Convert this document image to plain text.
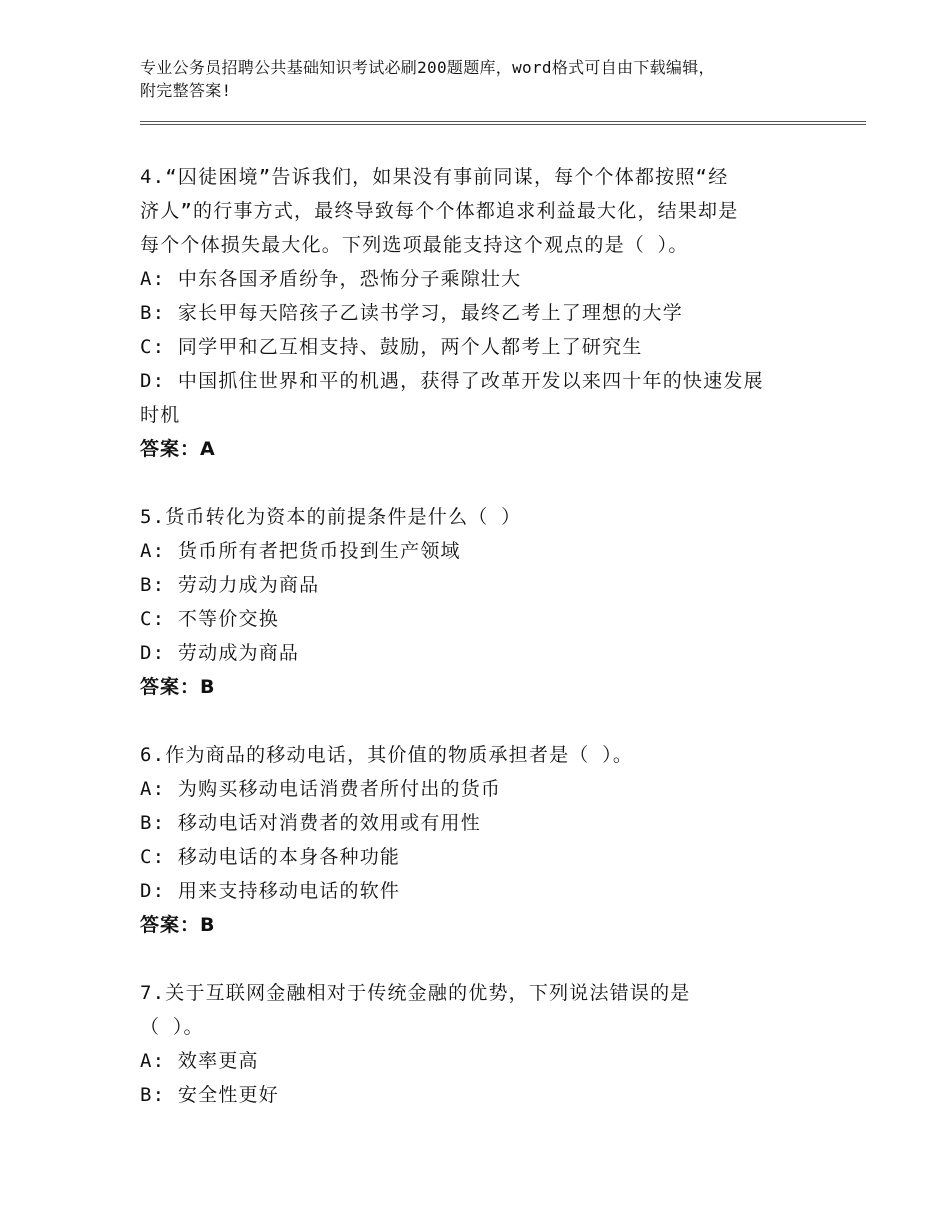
专业公务员招聘公共基础知识考试必刷200题题库，word格式可自由下载编辑，
附完整答案!
4.“囚徒困境”告诉我们，如果没有事前同谋，每个个体都按照“经
济人”的行事方式，最终导致每个个体都追求利益最大化，结果却是
每个个体损失最大化。下列选项最能支持这个观点的是（ ）。
A: 中东各国矛盾纷争，恐怖分子乘隙壮大
B: 家长甲每天陪孩子乙读书学习，最终乙考上了理想的大学
C: 同学甲和乙互相支持、鼓励，两个人都考上了研究生
D: 中国抓住世界和平的机遇，获得了改革开发以来四十年的快速发展
时机
答案：A
5.货币转化为资本的前提条件是什么（ ）
A: 货币所有者把货币投到生产领域
B: 劳动力成为商品
C: 不等价交换
D: 劳动成为商品
答案：B
6.作为商品的移动电话，其价值的物质承担者是（ ）。
A: 为购买移动电话消费者所付出的货币
B: 移动电话对消费者的效用或有用性
C: 移动电话的本身各种功能
D: 用来支持移动电话的软件
答案：B
7.关于互联网金融相对于传统金融的优势，下列说法错误的是
（ ）。
A: 效率更高
B: 安全性更好
